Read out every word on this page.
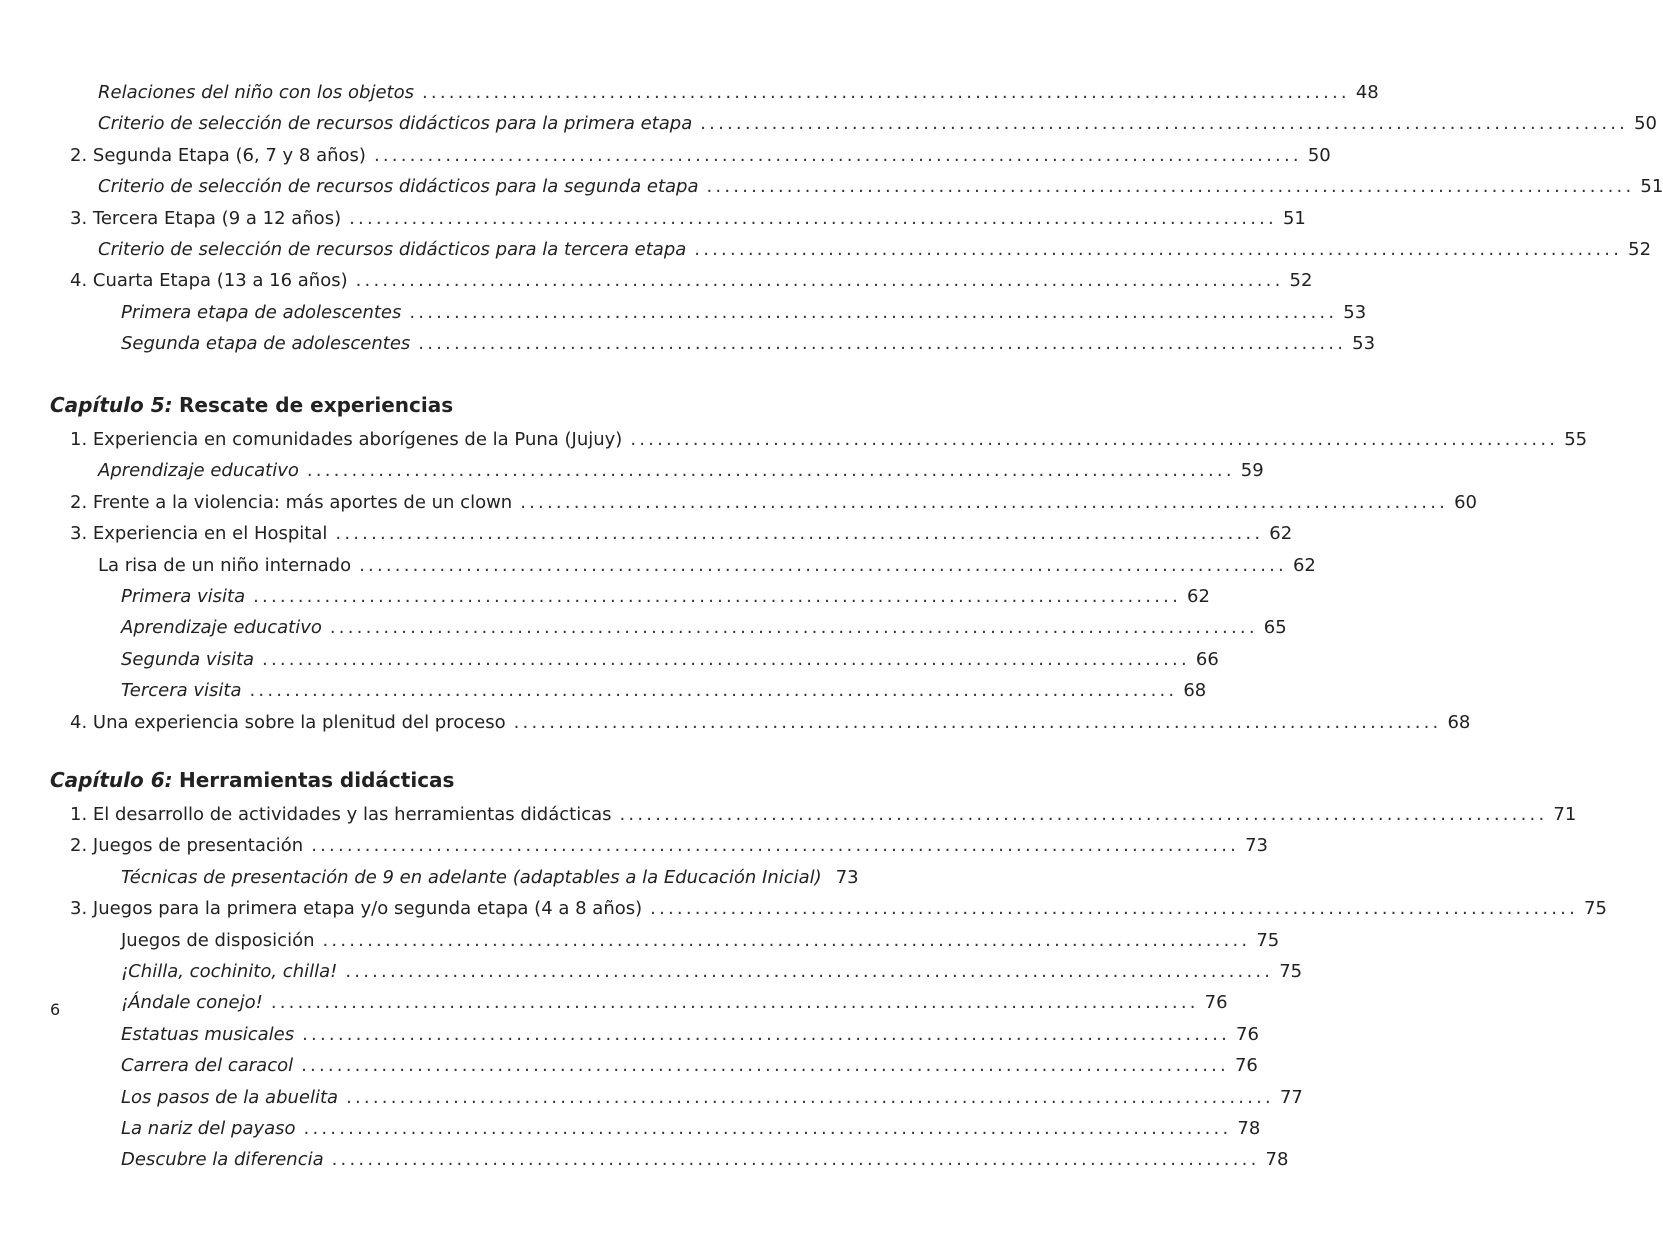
Relaciones del niño con los objetos ........................................................................................................ 48
Criterio de selección de recursos didácticos para la primera etapa ........................................................................................................ 50
2. Segunda Etapa (6, 7 y 8 años) ........................................................................................................ 50
Criterio de selección de recursos didácticos para la segunda etapa ........................................................................................................ 51
3. Tercera Etapa (9 a 12 años) ........................................................................................................ 51
Criterio de selección de recursos didácticos para la tercera etapa ........................................................................................................ 52
4. Cuarta Etapa (13 a 16 años) ........................................................................................................ 52
Primera etapa de adolescentes ........................................................................................................ 53
Segunda etapa de adolescentes ........................................................................................................ 53
Capítulo 5: Rescate de experiencias
1. Experiencia en comunidades aborígenes de la Puna (Jujuy) ........................................................................................................ 55
Aprendizaje educativo ........................................................................................................ 59
2. Frente a la violencia: más aportes de un clown ........................................................................................................ 60
3. Experiencia en el Hospital ........................................................................................................ 62
La risa de un niño internado ........................................................................................................ 62
Primera visita ........................................................................................................ 62
Aprendizaje educativo ........................................................................................................ 65
Segunda visita ........................................................................................................ 66
Tercera visita ........................................................................................................ 68
4. Una experiencia sobre la plenitud del proceso ........................................................................................................ 68
Capítulo 6: Herramientas didácticas
1. El desarrollo de actividades y las herramientas didácticas ........................................................................................................ 71
2. Juegos de presentación ........................................................................................................ 73
Técnicas de presentación de 9 en adelante (adaptables a la Educación Inicial) 73
3. Juegos para la primera etapa y/o segunda etapa (4 a 8 años) ........................................................................................................ 75
Juegos de disposición ........................................................................................................ 75
¡Chilla, cochinito, chilla! ........................................................................................................ 75
¡Ándale conejo! ........................................................................................................ 76
Estatuas musicales ........................................................................................................ 76
Carrera del caracol ........................................................................................................ 76
Los pasos de la abuelita ........................................................................................................ 77
La nariz del payaso ........................................................................................................ 78
Descubre la diferencia ........................................................................................................ 78
6
